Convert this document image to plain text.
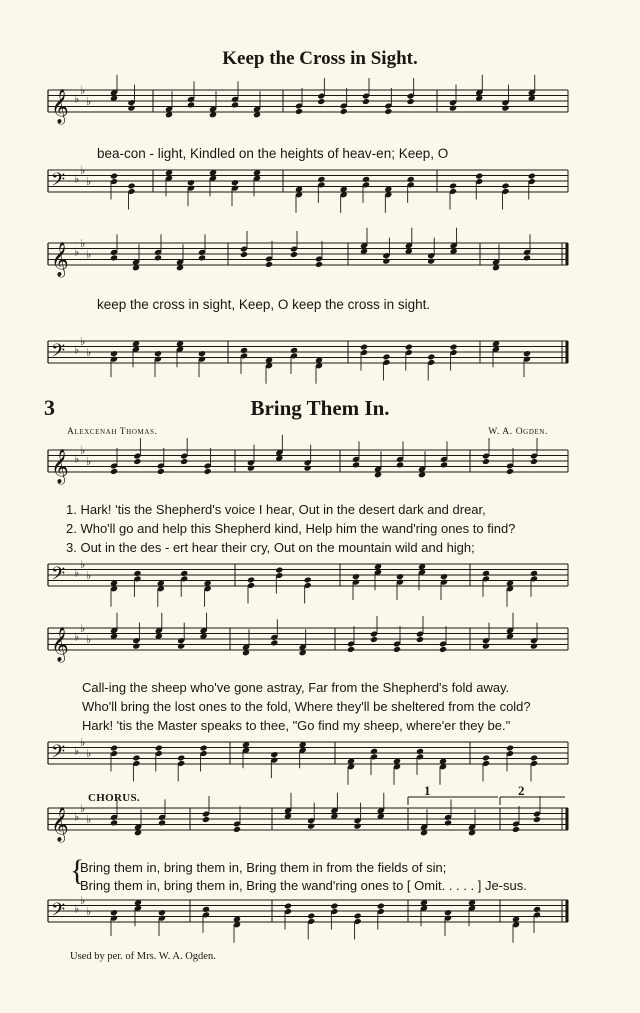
𝄞 ♭
♭
♭
𝄢 ♭
♭
♭
𝄞 ♭
♭
♭
𝄢 ♭
♭
♭
𝄞 ♭
♭
♭
𝄢 ♭
♭
♭
𝄞 ♭
♭
♭
𝄢 ♭
♭
♭
𝄞 ♭
♭
♭
𝄢 ♭
♭
♭
1	2
Keep the Cross in Sight.
bea-con - light, Kindled on the heights of heav-en; Keep, O
keep the cross in sight, Keep, O keep the cross in sight.
3	Bring Them In.
Alexcenah Thomas.	W. A. Ogden.
1. Hark! 'tis the Shepherd's voice I hear, Out in the desert dark and drear,
2. Who'll go and help this Shepherd kind, Help him the wand'ring ones to find?
3. Out in the des - ert hear their cry, Out on the mountain wild and high;
Call-ing the sheep who've gone astray, Far from the Shepherd's fold away.
Who'll bring the lost ones to the fold, Where they'll be sheltered from the cold?
Hark! 'tis the Master speaks to thee, "Go find my sheep, where'er they be."
CHORUS.
{
Bring them in, bring them in, Bring them in from the fields of sin;
Bring them in, bring them in, Bring the wand'ring ones to [ Omit. . . . . ] Je-sus.
Used by per. of Mrs. W. A. Ogden.
